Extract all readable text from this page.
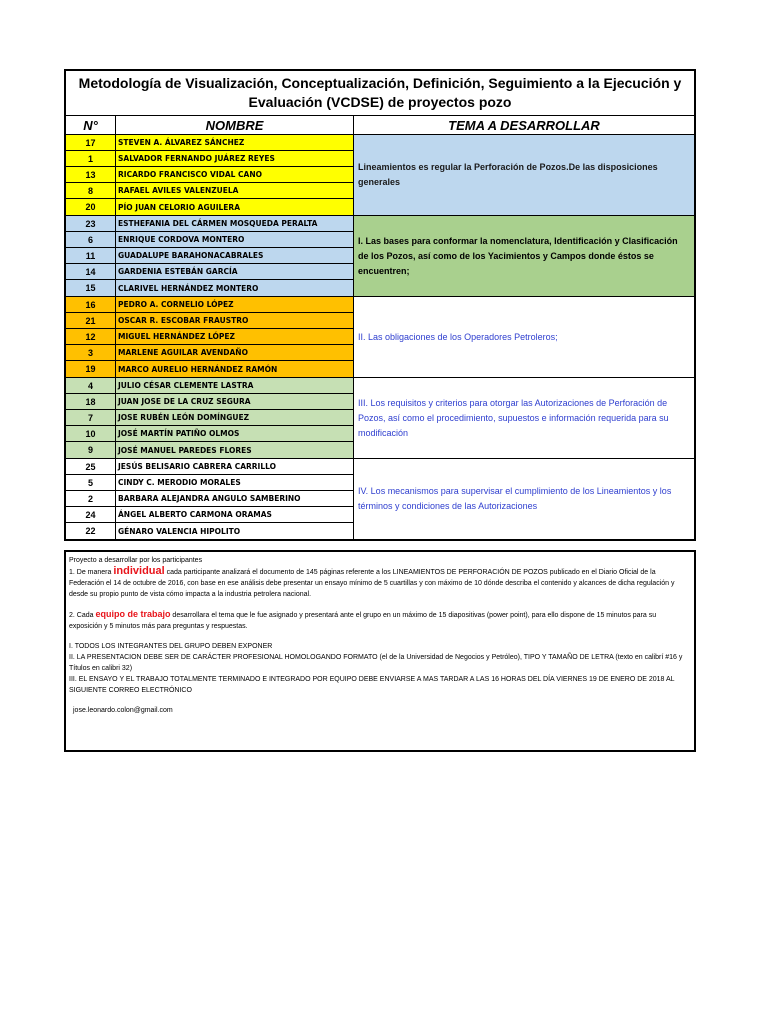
Metodología de Visualización, Conceptualización, Definición, Seguimiento a la Ejecución y Evaluación (VCDSE) de proyectos pozo
N°	NOMBRE	TEMA A DESARROLLAR
17	STEVEN A. ÁLVAREZ SÁNCHEZ
1	SALVADOR FERNANDO JUÁREZ REYES
13	RICARDO FRANCISCO VIDAL CANO
8	RAFAEL AVILES VALENZUELA
20	PÍO JUAN CELORIO AGUILERA
Lineamientos es regular la Perforación de Pozos.De las disposiciones generales
23	ESTHEFANIA DEL CÁRMEN MOSQUEDA PERALTA
6	ENRIQUE CORDOVA MONTERO
11	GUADALUPE BARAHONACABRALES
14	GARDENIA ESTEBÁN GARCÍA
15	CLARIVEL HERNÁNDEZ MONTERO
I. Las bases para conformar la nomenclatura, Identificación y Clasificación de los Pozos, así como de los Yacimientos y Campos donde éstos se encuentren;
16	PEDRO A. CORNELIO LÓPEZ
21	OSCAR R. ESCOBAR FRAUSTRO
12	MIGUEL HERNÁNDEZ LÓPEZ
3	MARLENE AGUILAR AVENDAÑO
19	MARCO AURELIO HERNÁNDEZ RAMÓN
II. Las obligaciones de los Operadores Petroleros;
4	JULIO CÉSAR CLEMENTE LASTRA
18	JUAN JOSE DE LA CRUZ SEGURA
7	JOSE RUBÉN LEÓN DOMÍNGUEZ
10	JOSÉ MARTÍN PATIÑO OLMOS
9	JOSÉ MANUEL PAREDES FLORES
III. Los requisitos y criterios para otorgar las Autorizaciones de Perforación de Pozos, así como el procedimiento, supuestos e información requerida para su modificación
25	JESÚS BELISARIO CABRERA CARRILLO
5	CINDY C. MERODIO MORALES
2	BARBARA ALEJANDRA ANGULO SAMBERINO
24	ÁNGEL ALBERTO CARMONA ORAMAS
22	GÉNARO VALENCIA HIPOLITO
IV. Los mecanismos para supervisar el cumplimiento de los Lineamientos y los términos y condiciones de las Autorizaciones

Proyecto a desarrollar por los participantes

1. De manera individual cada participante analizará el documento de 145 páginas referente a los LINEAMIENTOS DE PERFORACIÓN DE POZOS publicado en el Diario Oficial de la Federación el 14 de octubre de 2016, con base en ese análisis debe presentar un ensayo mínimo de 5 cuartillas y con máximo de 10 dónde describa el contenido y alcances de dicha regulación y desde su propio punto de vista cómo impacta a la industria petrolera nacional.

2. Cada equipo de trabajo desarrollara el tema que le fue asignado y presentará ante el grupo en un máximo de 15 diapositivas (power point), para ello dispone de 15 minutos para su exposición y 5 minutos más para preguntas y respuestas.

I. TODOS LOS INTEGRANTES DEL GRUPO DEBEN EXPONER

II. LA PRESENTACION DEBE SER DE CARÁCTER PROFESIONAL HOMOLOGANDO FORMATO (el de la Universidad de Negocios y Petróleo), TIPO Y TAMAÑO DE LETRA (texto en calibrí #16 y Títulos en calibri 32)

III. EL ENSAYO Y EL TRABAJO TOTALMENTE TERMINADO E INTEGRADO POR EQUIPO DEBE ENVIARSE A MAS TARDAR A LAS 16 HORAS DEL DÍA VIERNES 19 DE ENERO DE 2018 AL SIGUIENTE CORREO ELECTRÓNICO

jose.leonardo.colon@gmail.com
